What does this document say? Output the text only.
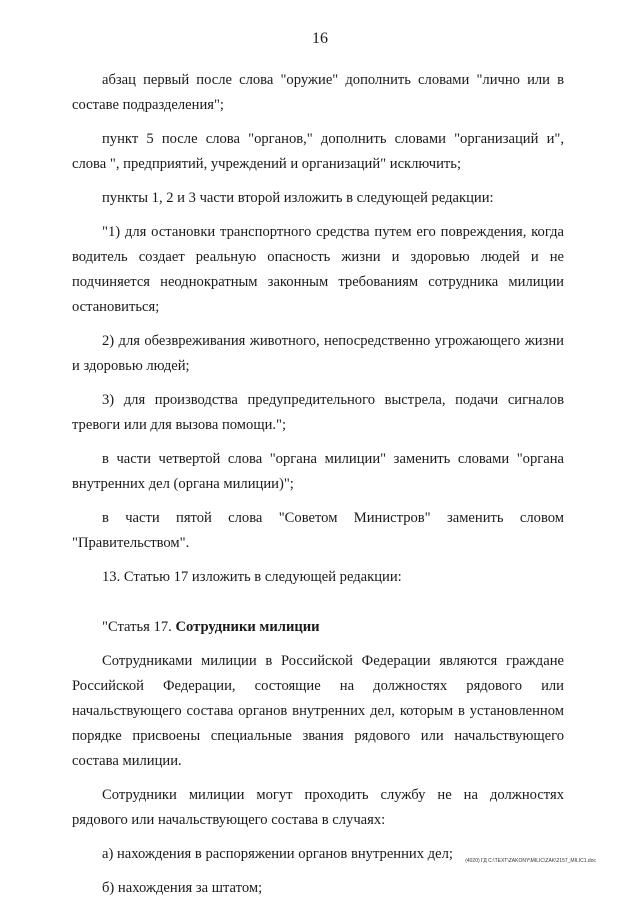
16

абзац первый после слова "оружие" дополнить словами "лично или в составе подразделения";

пункт 5 после слова "органов," дополнить словами "организаций и", слова ", предприятий, учреждений и организаций" исключить;

пункты 1, 2 и 3 части второй изложить в следующей редакции:

"1) для остановки транспортного средства путем его повреждения, когда водитель создает реальную опасность жизни и здоровью людей и не подчиняется неоднократным законным требованиям сотрудника милиции остановиться;

2) для обезвреживания животного, непосредственно угрожающего жизни и здоровью людей;

3) для производства предупредительного выстрела, подачи сигналов тревоги или для вызова помощи.";

в части четвертой слова "органа милиции" заменить словами "органа внутренних дел (органа милиции)";

в части пятой слова "Советом Министров" заменить словом "Правительством".

13. Статью 17 изложить в следующей редакции:

"Статья 17. Сотрудники милиции

Сотрудниками милиции в Российской Федерации являются граждане Российской Федерации, состоящие на должностях рядового или начальствующего состава органов внутренних дел, которым в установленном порядке присвоены специальные звания рядового или начальствующего состава милиции.

Сотрудники милиции могут проходить службу не на должностях рядового или начальствующего состава в случаях:

а) нахождения в распоряжении органов внутренних дел;

б) нахождения за штатом;

(4020) ГД C:\TEXT\ZAKONY\MILIC\ZAK\2157_MILIC1.doc
